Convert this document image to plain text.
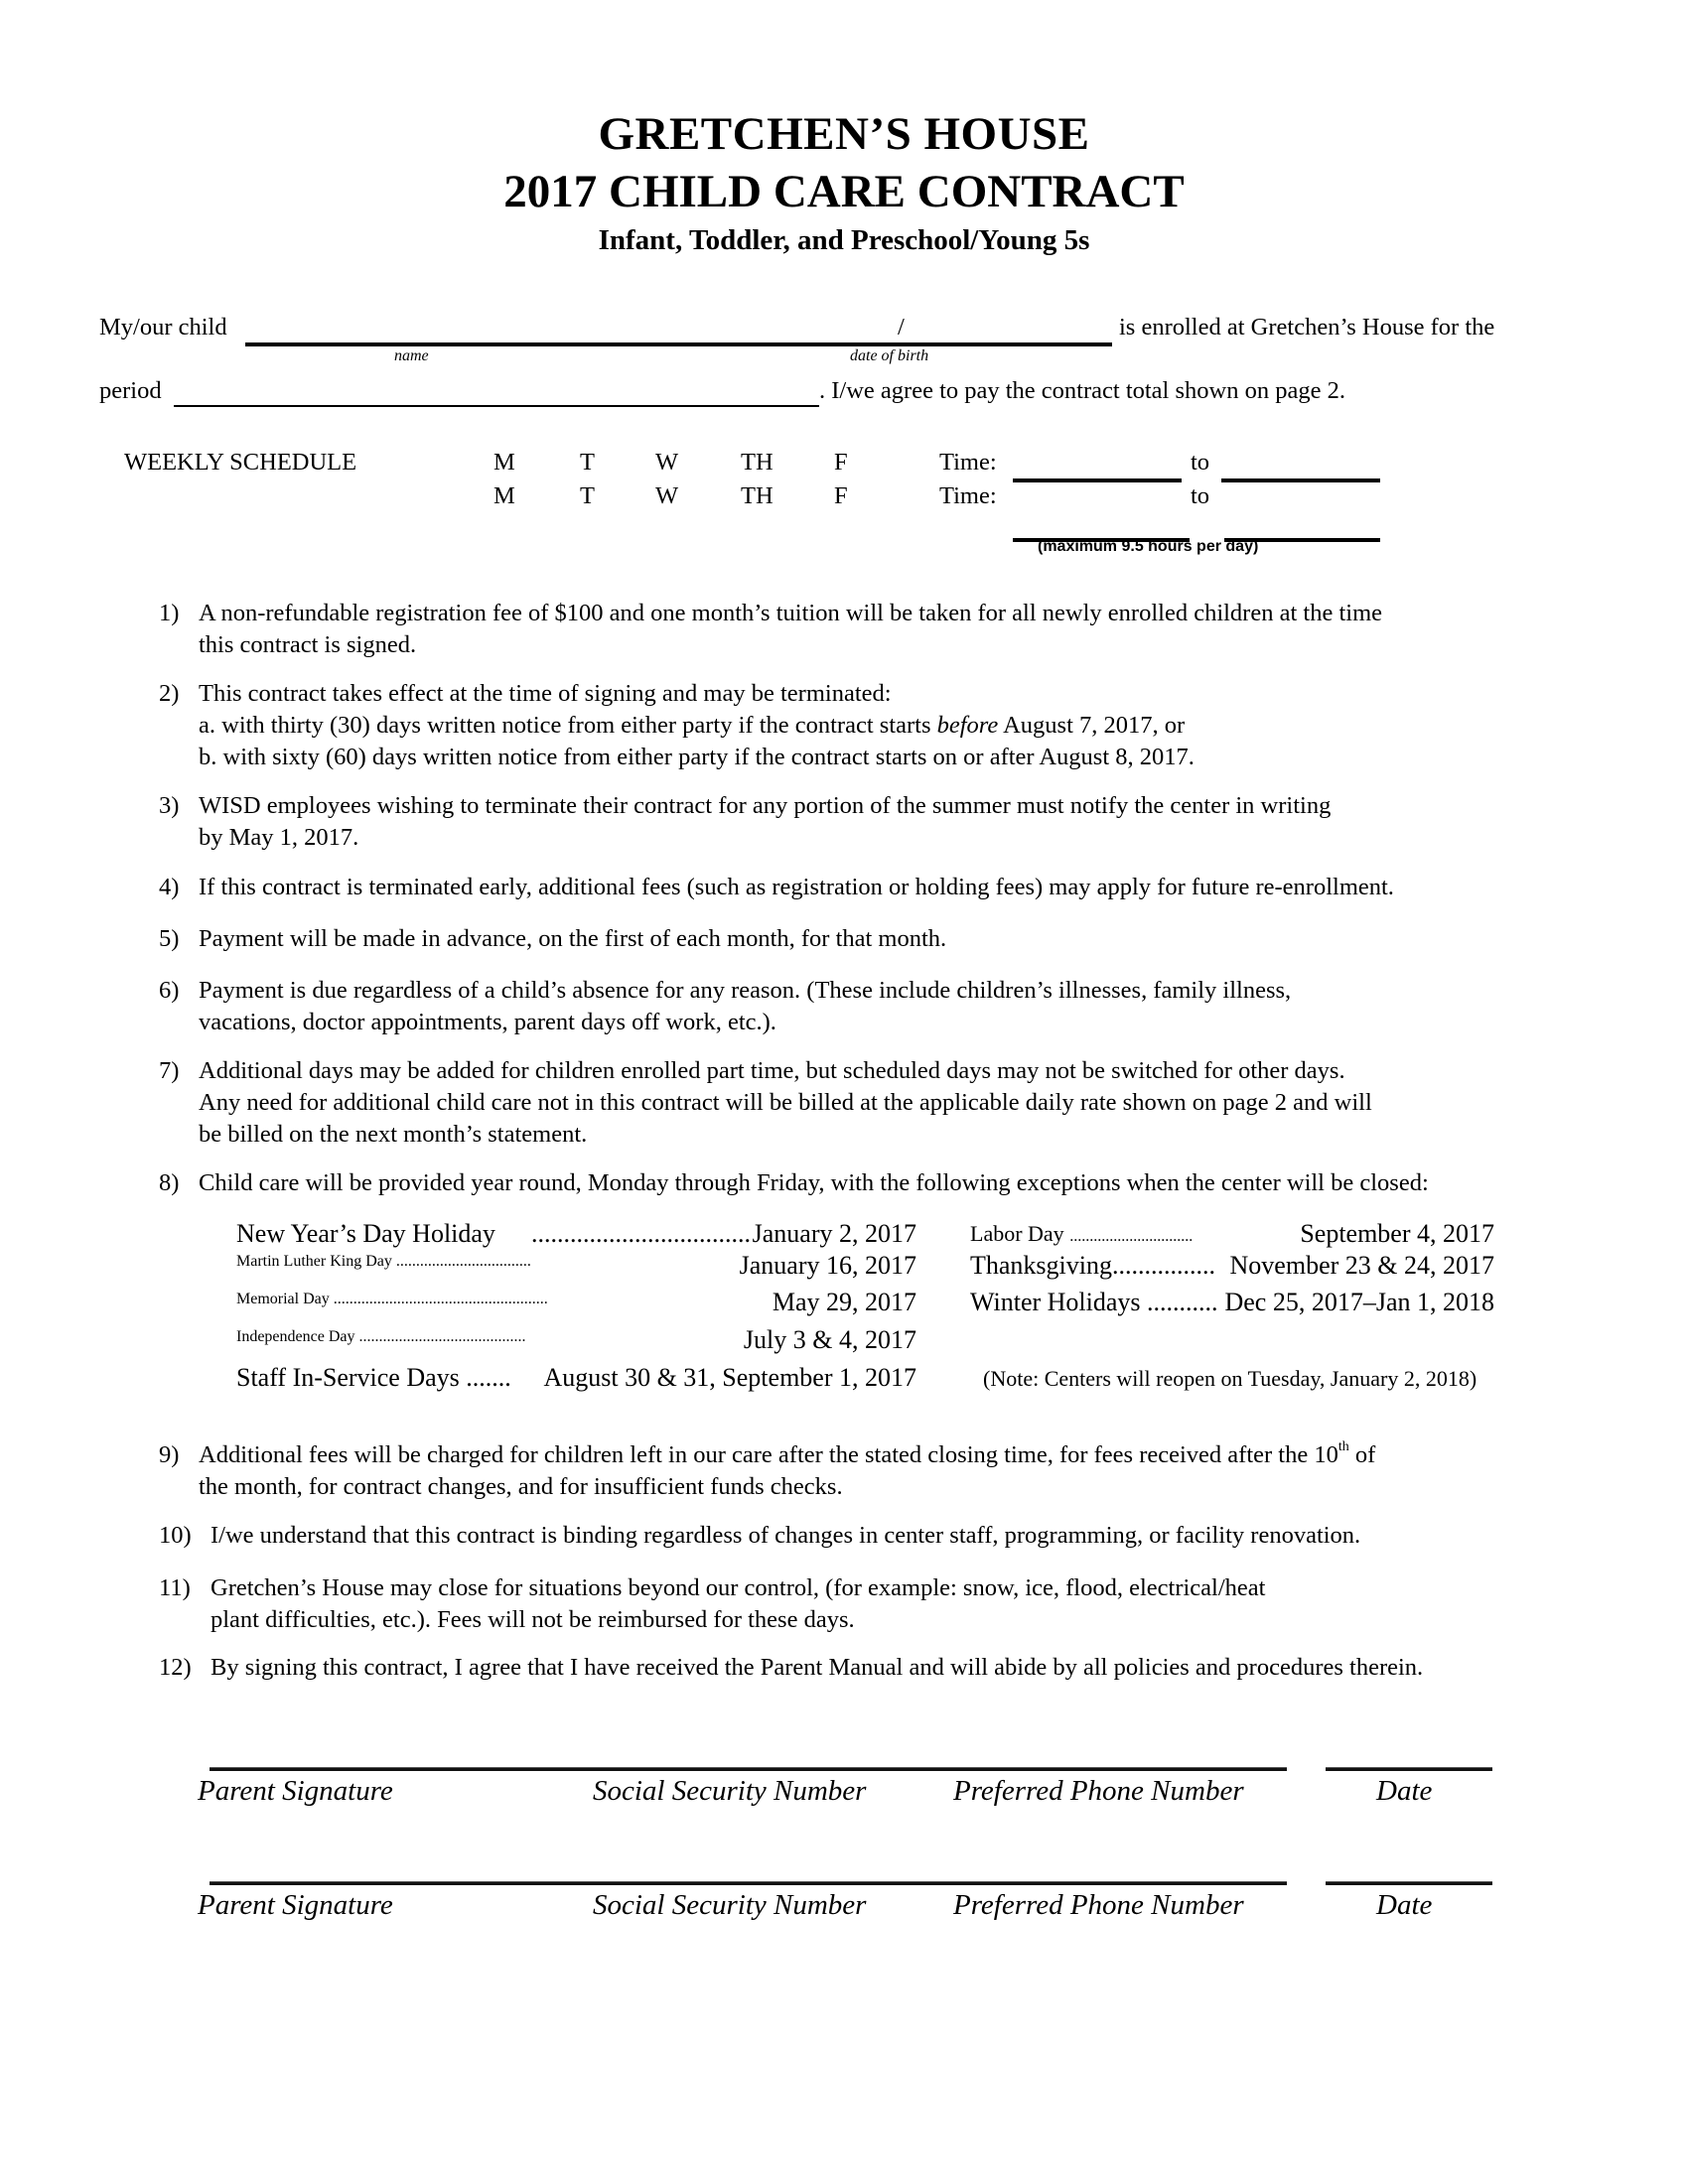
GRETCHEN’S HOUSE
2017 CHILD CARE CONTRACT
Infant, Toddler, and Preschool/Young 5s
My/our child	/	is enrolled at Gretchen’s House for the
name	date of birth
period	. I/we agree to pay the contract total shown on page 2.
WEEKLY SCHEDULE	M	T W	TH	F	Time:	to
M	T W	TH	F	Time:	to
(maximum 9.5 hours per day)
1) A non-refundable registration fee of $100 and one month’s tuition will be taken for all newly enrolled children at the time
this contract is signed.
2) This contract takes effect at the time of signing and may be terminated:
a. with thirty (30) days written notice from either party if the contract starts before August 7, 2017, or
b. with sixty (60) days written notice from either party if the contract starts on or after August 8, 2017.
3) WISD employees wishing to terminate their contract for any portion of the summer must notify the center in writing
by May 1, 2017.
4) If this contract is terminated early, additional fees (such as registration or holding fees) may apply for future re-enrollment.
5) Payment will be made in advance, on the first of each month, for that month.
6) Payment is due regardless of a child’s absence for any reason. (These include children’s illnesses, family illness,
vacations, doctor appointments, parent days off work, etc.).
7) Additional days may be added for children enrolled part time, but scheduled days may not be switched for other days.
Any need for additional child care not in this contract will be billed at the applicable daily rate shown on page 2 and will
be billed on the next month’s statement.
8) Child care will be provided year round, Monday through Friday, with the following exceptions when the center will be closed:
New Year’s Day Holiday .................................. January 2, 2017
Martin Luther King Day ..................................	January 16, 2017
Memorial Day ......................................................	May 29, 2017
Independence Day ..........................................	July 3 & 4, 2017
Staff In-Service Days ....... August 30 & 31, September 1, 2017
Labor Day ...............................	September 4, 2017
Thanksgiving................ November 23 & 24, 2017
Winter Holidays ........... Dec 25, 2017–Jan 1, 2018
(Note: Centers will reopen on Tuesday, January 2, 2018)
9) Additional fees will be charged for children left in our care after the stated closing time, for fees received after the 10th of
the month, for contract changes, and for insufficient funds checks.
10) I/we understand that this contract is binding regardless of changes in center staff, programming, or facility renovation.
11) Gretchen’s House may close for situations beyond our control, (for example: snow, ice, flood, electrical/heat
plant difficulties, etc.). Fees will not be reimbursed for these days.
12) By signing this contract, I agree that I have received the Parent Manual and will abide by all policies and procedures therein.
Parent Signature	Social Security Number	Preferred Phone Number	Date
Parent Signature	Social Security Number	Preferred Phone Number	Date
